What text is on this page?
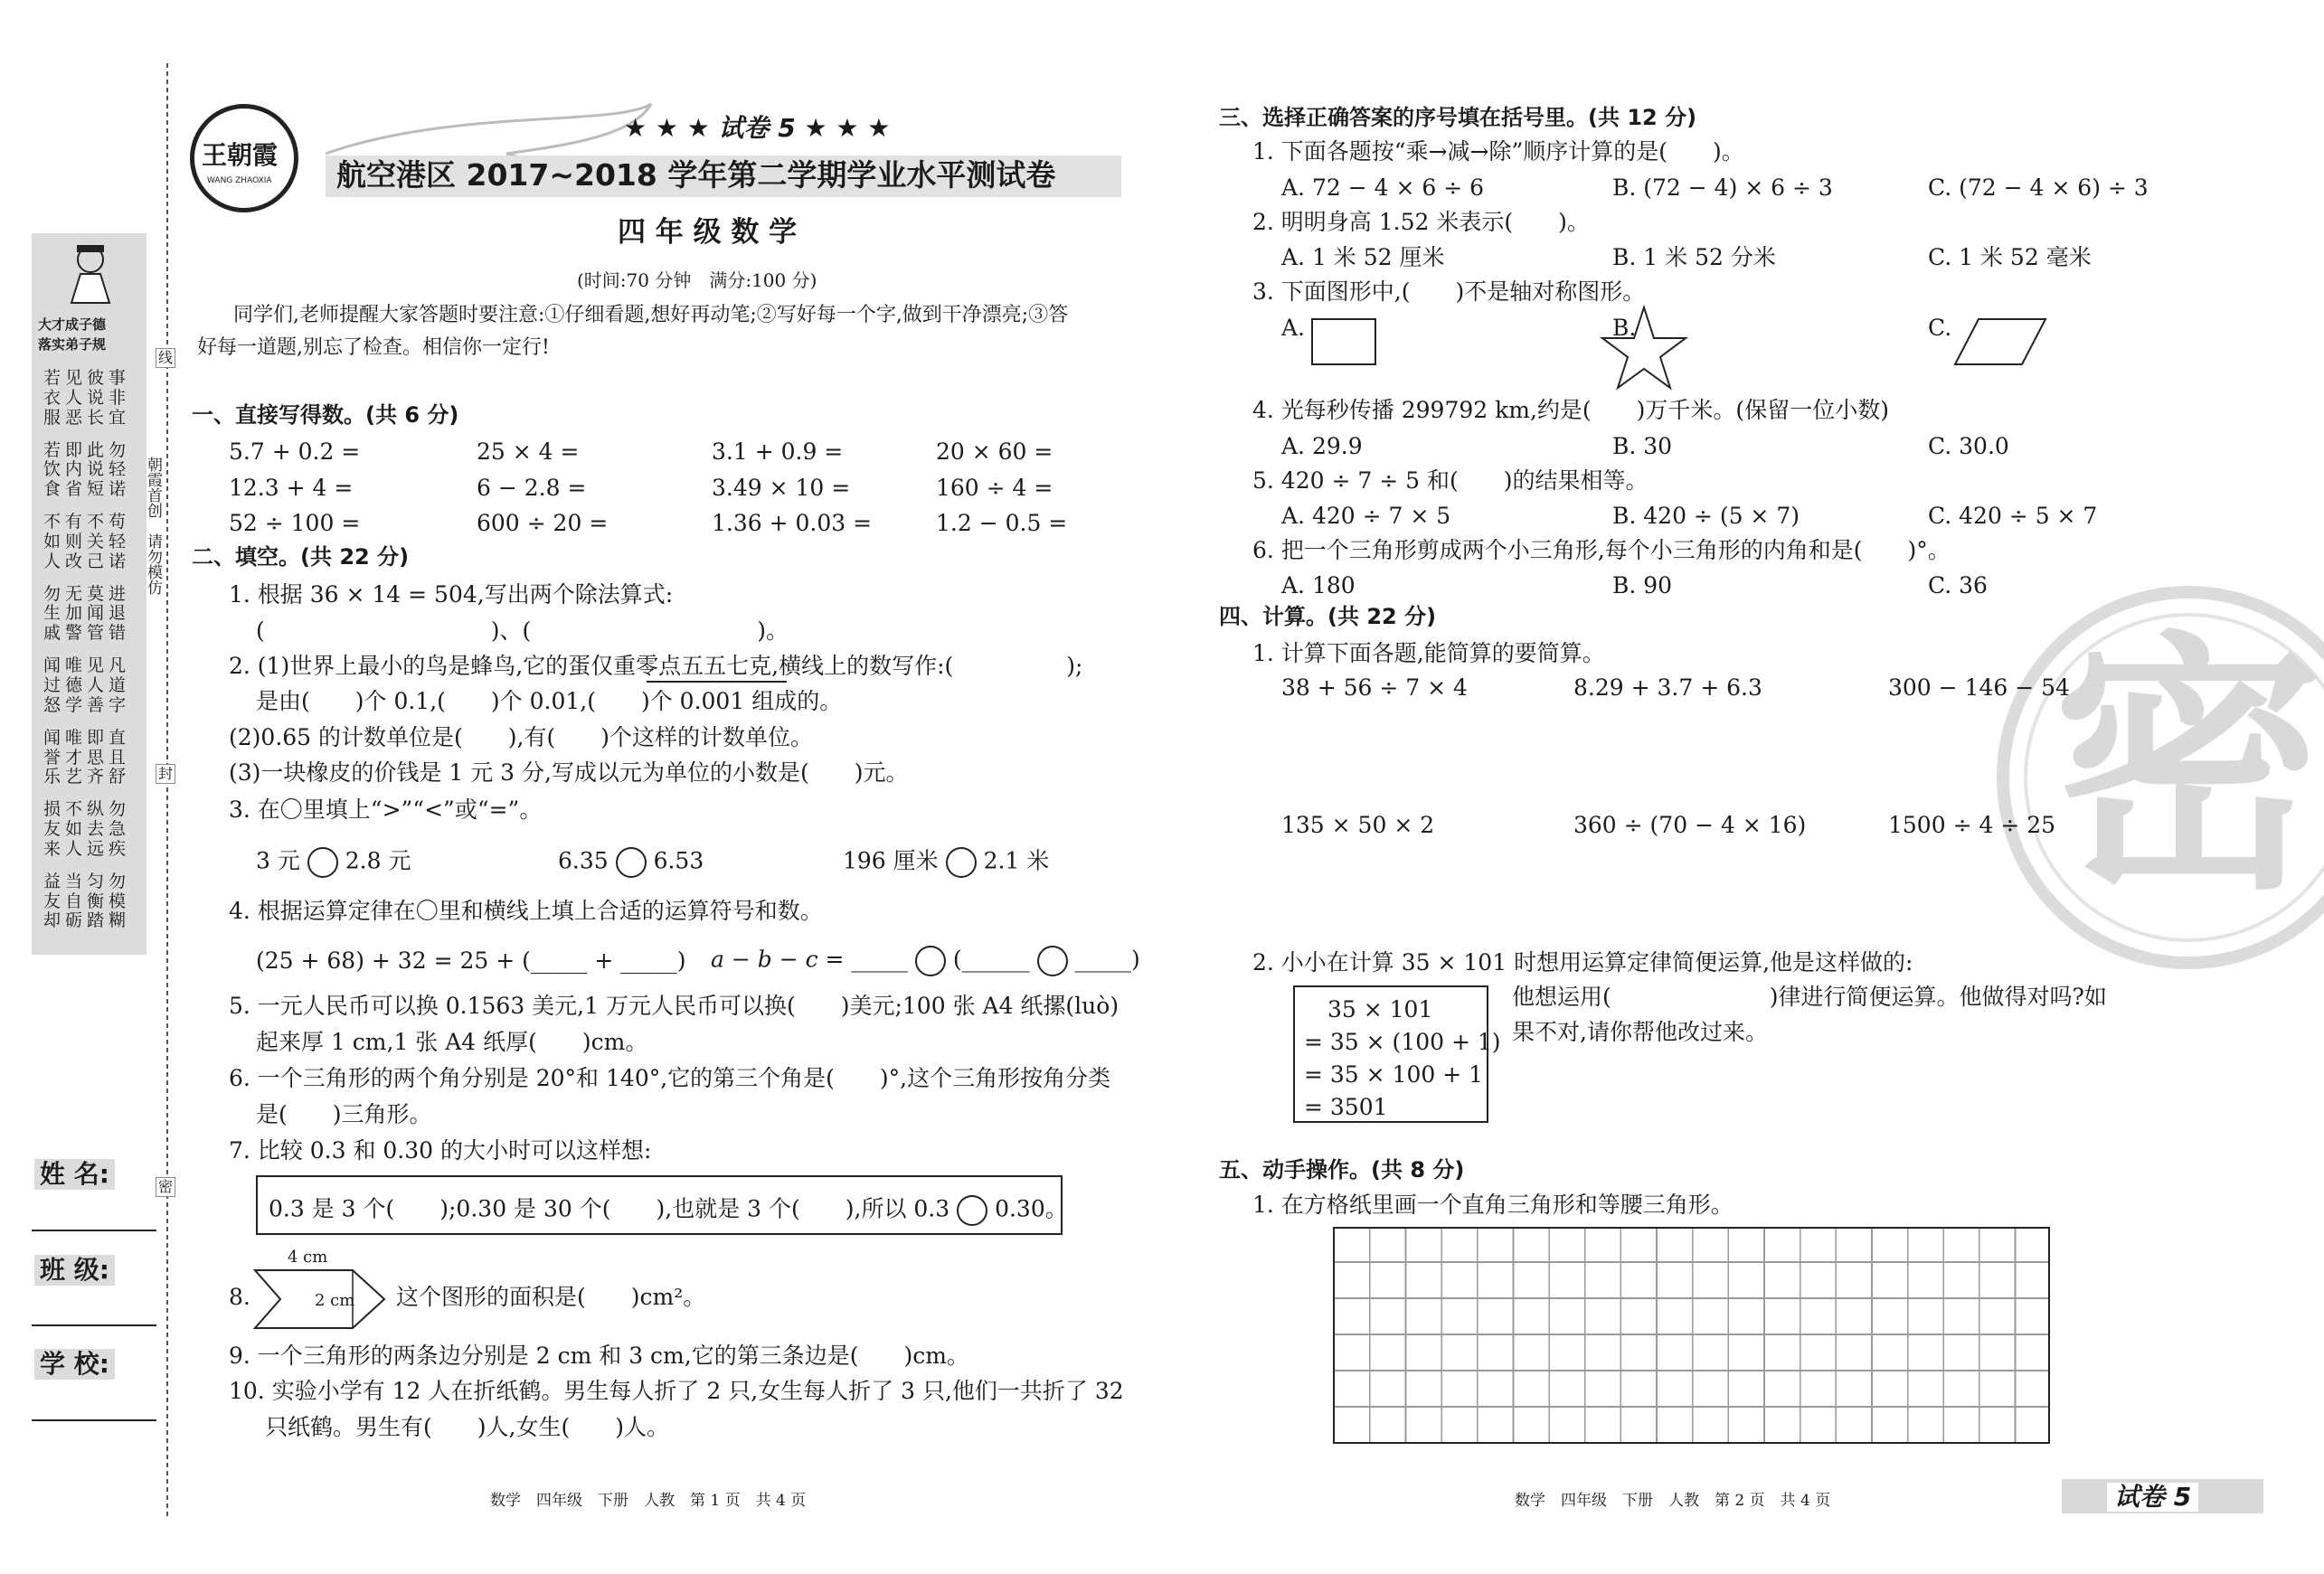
密
王朝霞
WANG ZHAOXIA
大才成子德
落实弟子规
若见彼事
衣人说非
服恶长宜
若即此勿
饮内说轻
食省短诺
不有不苟
如则关轻
人改己诺
勿无莫进
生加闻退
戚警管错
闻唯见凡
过德人道
怒学善字
闻唯即直
誉才思且
乐艺齐舒
损不纵勿
友如去急
来人远疾
益当匀勿
友自衡模
却砺踏糊
线
朝霞首创
请勿模仿
封
密
姓 名:
班 级:
学 校:
★ ★ ★ 试卷 5 ★ ★ ★
航空港区 2017~2018 学年第二学期学业水平测试卷
四 年 级 数 学
(时间:70 分钟　满分:100 分)
同学们,老师提醒大家答题时要注意:①仔细看题,想好再动笔;②写好每一个字,做到干净漂亮;③答
好每一道题,别忘了检查。相信你一定行!
一、直接写得数。(共 6 分)
5.7 + 0.2 =	25 × 4 =	3.1 + 0.9 =	20 × 60 =
12.3 + 4 =	6 − 2.8 =	3.49 × 10 =	160 ÷ 4 =
52 ÷ 100 =	600 ÷ 20 =	1.36 + 0.03 =	1.2 − 0.5 =
二、填空。(共 22 分)
1. 根据 36 × 14 = 504,写出两个除法算式:
(　　　　　　　　　　)、(　　　　　　　　　　)。
2. (1)世界上最小的鸟是蜂鸟,它的蛋仅重零点五五七克,横线上的数写作:(　　　　　);
是由(　　)个 0.1,(　　)个 0.01,(　　)个 0.001 组成的。
(2)0.65 的计数单位是(　　),有(　　)个这样的计数单位。
(3)一块橡皮的价钱是 1 元 3 分,写成以元为单位的小数是(　　)元。
3. 在〇里填上“>”“<”或“=”。
3 元 2.8 元	6.35 6.53	196 厘米 2.1 米
4. 根据运算定律在〇里和横线上填上合适的运算符号和数。
(25 + 68) + 32 = 25 + (_____ + _____) a − b − c = _____ (______ _____)
5. 一元人民币可以换 0.1563 美元,1 万元人民币可以换(　　)美元;100 张 A4 纸摞(luò)
起来厚 1 cm,1 张 A4 纸厚(　　)cm。
6. 一个三角形的两个角分别是 20°和 140°,它的第三个角是(　　)°,这个三角形按角分类
是(　　)三角形。
7. 比较 0.3 和 0.30 的大小时可以这样想:
0.3 是 3 个(　　);0.30 是 30 个(　　),也就是 3 个(　　),所以 0.3 0.30。
8.
4 cm
2 cm 这个图形的面积是(　　)cm²。
9. 一个三角形的两条边分别是 2 cm 和 3 cm,它的第三条边是(　　)cm。
10. 实验小学有 12 人在折纸鹤。男生每人折了 2 只,女生每人折了 3 只,他们一共折了 32
只纸鹤。男生有(　　)人,女生(　　)人。
数学　四年级　下册　人教　第 1 页　共 4 页
三、选择正确答案的序号填在括号里。(共 12 分)
1. 下面各题按“乘→减→除”顺序计算的是(　　)。
A. 72 − 4 × 6 ÷ 6	B. (72 − 4) × 6 ÷ 3	C. (72 − 4 × 6) ÷ 3
2. 明明身高 1.52 米表示(　　)。
A. 1 米 52 厘米	B. 1 米 52 分米	C. 1 米 52 毫米
3. 下面图形中,(　　)不是轴对称图形。
A.	B.	C.
4. 光每秒传播 299792 km,约是(　　)万千米。(保留一位小数)
A. 29.9	B. 30	C. 30.0
5. 420 ÷ 7 ÷ 5 和(　　)的结果相等。
A. 420 ÷ 7 × 5	B. 420 ÷ (5 × 7)	C. 420 ÷ 5 × 7
6. 把一个三角形剪成两个小三角形,每个小三角形的内角和是(　　)°。
A. 180	B. 90	C. 36
四、计算。(共 22 分)
1. 计算下面各题,能简算的要简算。
38 + 56 ÷ 7 × 4	8.29 + 3.7 + 6.3	300 − 146 − 54
135 × 50 × 2	360 ÷ (70 − 4 × 16)	1500 ÷ 4 ÷ 25
2. 小小在计算 35 × 101 时想用运算定律简便运算,他是这样做的:
35 × 101
= 35 × (100 + 1)
= 35 × 100 + 1
= 3501
他想运用(　　　　　　　)律进行简便运算。他做得对吗?如
果不对,请你帮他改过来。
五、动手操作。(共 8 分)
1. 在方格纸里画一个直角三角形和等腰三角形。
数学　四年级　下册　人教　第 2 页　共 4 页	试卷 5
